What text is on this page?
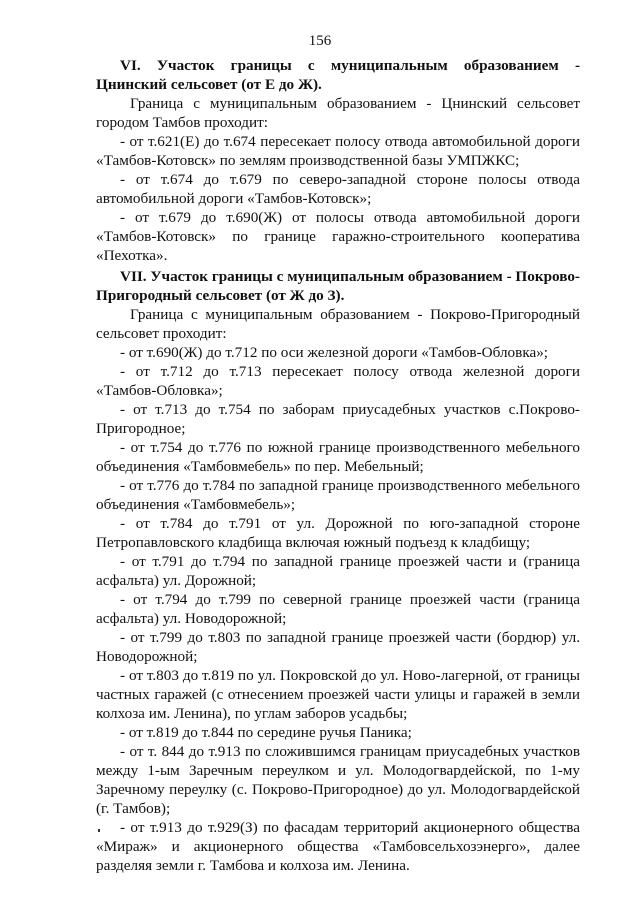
156

VI. Участок границы с муниципальным образованием - Цнинский сельсовет (от Е до Ж).

Граница с муниципальным образованием - Цнинский сельсовет городом Тамбов проходит:

- от т.621(Е) до т.674 пересекает полосу отвода автомобильной дороги «Тамбов-Котовск» по землям производственной базы УМПЖКС;

- от т.674 до т.679 по северо-западной стороне полосы отвода автомобильной дороги «Тамбов-Котовск»;

- от т.679 до т.690(Ж) от полосы отвода автомобильной дороги «Тамбов-Котовск» по границе гаражно-строительного кооператива «Пехотка».

VII. Участок границы с муниципальным образованием - Покрово-Пригородный сельсовет (от Ж до З).

Граница с муниципальным образованием - Покрово-Пригородный сельсовет проходит:

- от т.690(Ж) до т.712 по оси железной дороги «Тамбов-Обловка»;

- от т.712 до т.713 пересекает полосу отвода железной дороги «Тамбов-Обловка»;

- от т.713 до т.754 по заборам приусадебных участков с.Покрово-Пригородное;

- от т.754 до т.776 по южной границе производственного мебельного объединения «Тамбовмебель» по пер. Мебельный;

- от т.776 до т.784 по западной границе производственного мебельного объединения «Тамбовмебель»;

- от т.784 до т.791 от ул. Дорожной по юго-западной стороне Петропавловского кладбища включая южный подъезд к кладбищу;

- от т.791 до т.794 по западной границе проезжей части и (граница асфальта) ул. Дорожной;

- от т.794 до т.799 по северной границе проезжей части (граница асфальта) ул. Новодорожной;

- от т.799 до т.803 по западной границе проезжей части (бордюр) ул. Новодорожной;

- от т.803 до т.819 по ул. Покровской до ул. Ново-лагерной, от границы частных гаражей (с отнесением проезжей части улицы и гаражей в земли колхоза им. Ленина), по углам заборов усадьбы;

- от т.819 до т.844 по середине ручья Паника;

- от т. 844 до т.913 по сложившимся границам приусадебных участков между 1-ым Заречным переулком и ул. Молодогвардейской, по 1-му Заречному переулку (с. Покрово-Пригородное) до ул. Молодогвардейской (г. Тамбов);

- от т.913 до т.929(З) по фасадам территорий акционерного общества «Мираж» и акционерного общества «Тамбовсельхозэнерго», далее разделяя земли г. Тамбова и колхоза им. Ленина.
